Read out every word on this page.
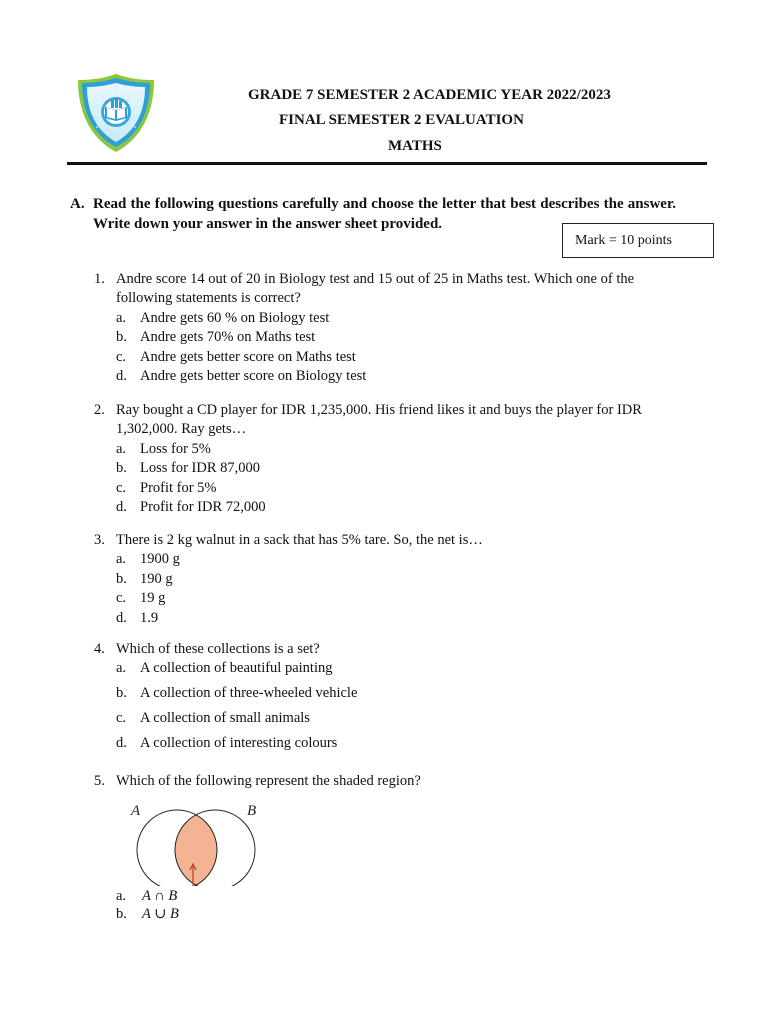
GRADE 7 SEMESTER 2 ACADEMIC YEAR 2022/2023
FINAL SEMESTER 2 EVALUATION
MATHS
A. Read the following questions carefully and choose the letter that best describes the answer. Write down your answer in the answer sheet provided.
Mark = 10 points
1. Andre score 14 out of 20 in Biology test and 15 out of 25 in Maths test. Which one of the following statements is correct?
a. Andre gets 60 % on Biology test
b. Andre gets 70% on Maths test
c. Andre gets better score on Maths test
d. Andre gets better score on Biology test
2. Ray bought a CD player for IDR 1,235,000. His friend likes it and buys the player for IDR 1,302,000. Ray gets…
a. Loss for 5%
b. Loss for IDR 87,000
c. Profit for 5%
d. Profit for IDR 72,000
3. There is 2 kg walnut in a sack that has 5% tare. So, the net is…
a. 1900 g
b. 190 g
c. 19 g
d. 1.9
4. Which of these collections is a set?
a. A collection of beautiful painting
b. A collection of three-wheeled vehicle
c. A collection of small animals
d. A collection of interesting colours
5. Which of the following represent the shaded region?
A	B
a. A ∩ B
b. A ∪ B
